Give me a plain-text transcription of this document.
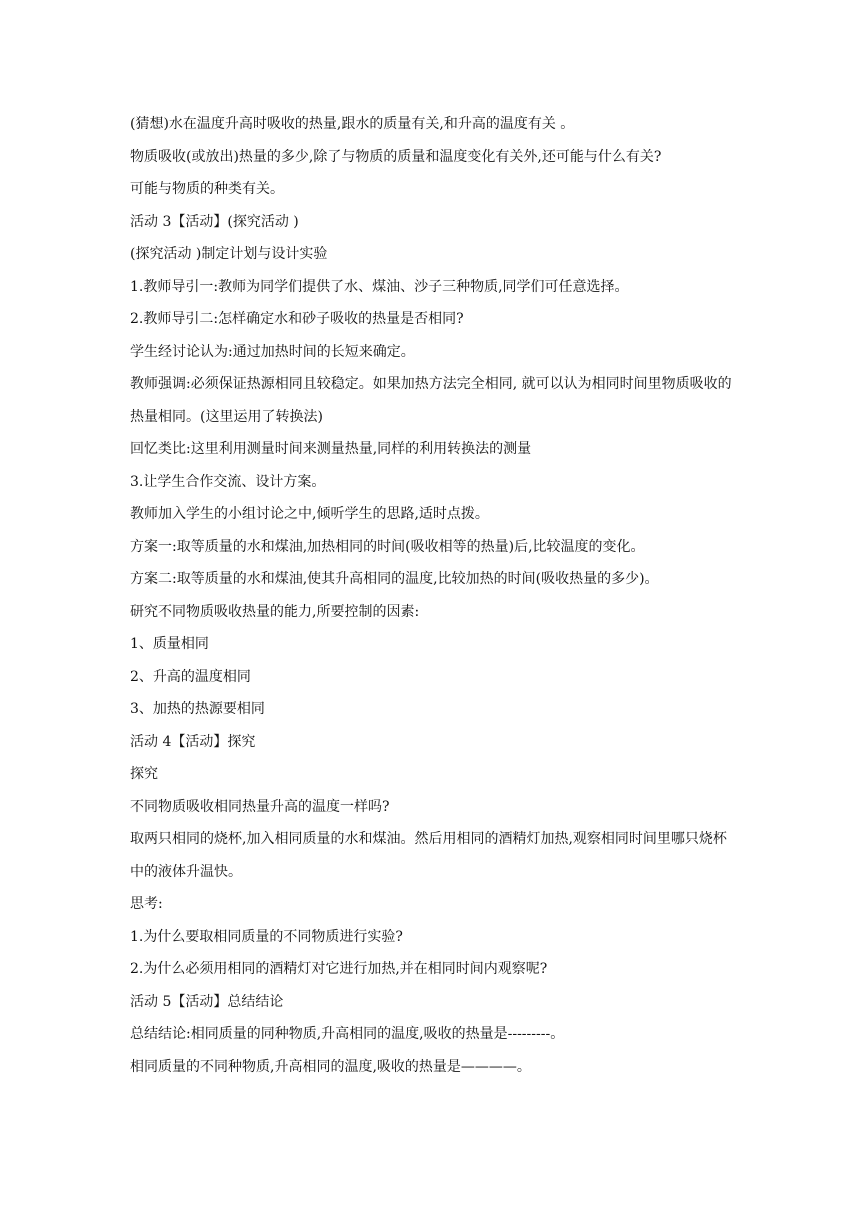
(猜想)水在温度升高时吸收的热量,跟水的质量有关,和升高的温度有关 。

物质吸收(或放出)热量的多少,除了与物质的质量和温度变化有关外,还可能与什么有关?

可能与物质的种类有关。

活动 3【活动】(探究活动 )

(探究活动 )制定计划与设计实验

1.教师导引一:教师为同学们提供了水、煤油、沙子三种物质,同学们可任意选择。

2.教师导引二:怎样确定水和砂子吸收的热量是否相同?

学生经讨论认为:通过加热时间的长短来确定。

教师强调:必须保证热源相同且较稳定。如果加热方法完全相同, 就可以认为相同时间里物质吸收的热量相同。(这里运用了转换法)

回忆类比:这里利用测量时间来测量热量,同样的利用转换法的测量

3.让学生合作交流、设计方案。

教师加入学生的小组讨论之中,倾听学生的思路,适时点拨。

方案一:取等质量的水和煤油,加热相同的时间(吸收相等的热量)后,比较温度的变化。

方案二:取等质量的水和煤油,使其升高相同的温度,比较加热的时间(吸收热量的多少)。

研究不同物质吸收热量的能力,所要控制的因素:

1、质量相同

2、升高的温度相同

3、加热的热源要相同

活动 4【活动】探究

探究

不同物质吸收相同热量升高的温度一样吗?

取两只相同的烧杯,加入相同质量的水和煤油。然后用相同的酒精灯加热,观察相同时间里哪只烧杯中的液体升温快。

思考:

1.为什么要取相同质量的不同物质进行实验?

2.为什么必须用相同的酒精灯对它进行加热,并在相同时间内观察呢?

活动 5【活动】总结结论

总结结论:相同质量的同种物质,升高相同的温度,吸收的热量是---------。

相同质量的不同种物质,升高相同的温度,吸收的热量是————。
